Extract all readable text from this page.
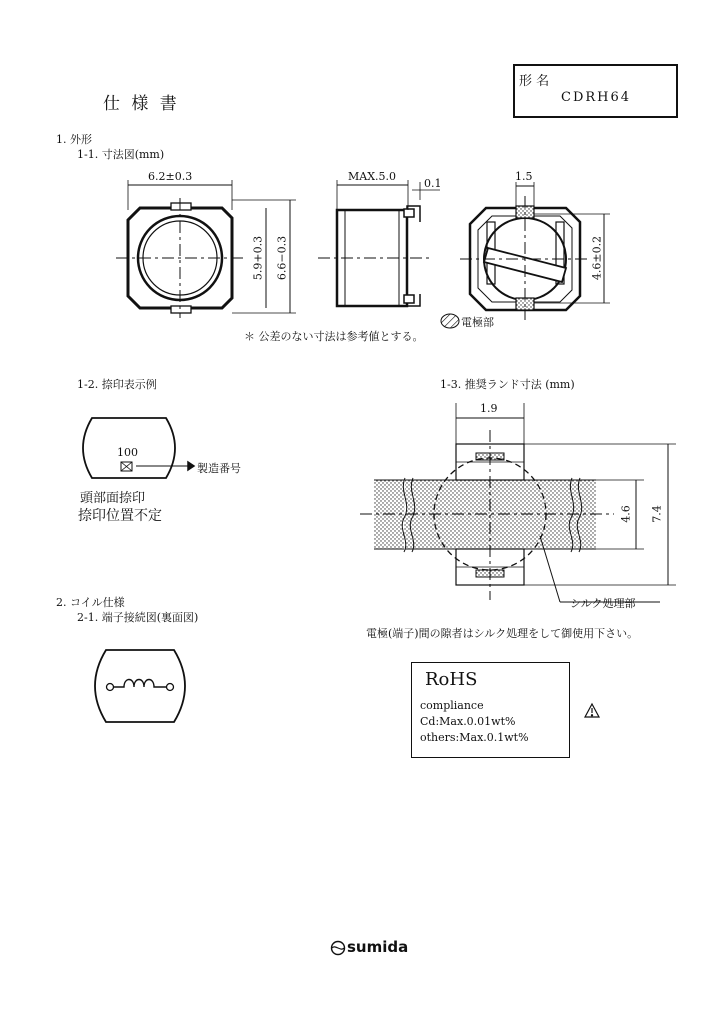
仕 様 書
形 名
CDRH64
1. 外形
1-1. 寸法図(mm)
6.2±0.3	MAX.5.0
0.1
1.5
5.9+0.3 6.6−0.3	4.6±0.2
電極部
＊ 公差のない寸法は参考値とする。
1-2. 捺印表示例
100
製造番号
頭部面捺印
捺印位置不定
1-3. 推奨ランド寸法 (mm)
1.9
4.6 7.4
シルク処理部
電極(端子)間の隙者はシルク処理をして御使用下さい。
2. コイル仕様
2-1. 端子接続図(裏面図)
RoHS
compliance
Cd:Max.0.01wt%
others:Max.0.1wt%
sumida
